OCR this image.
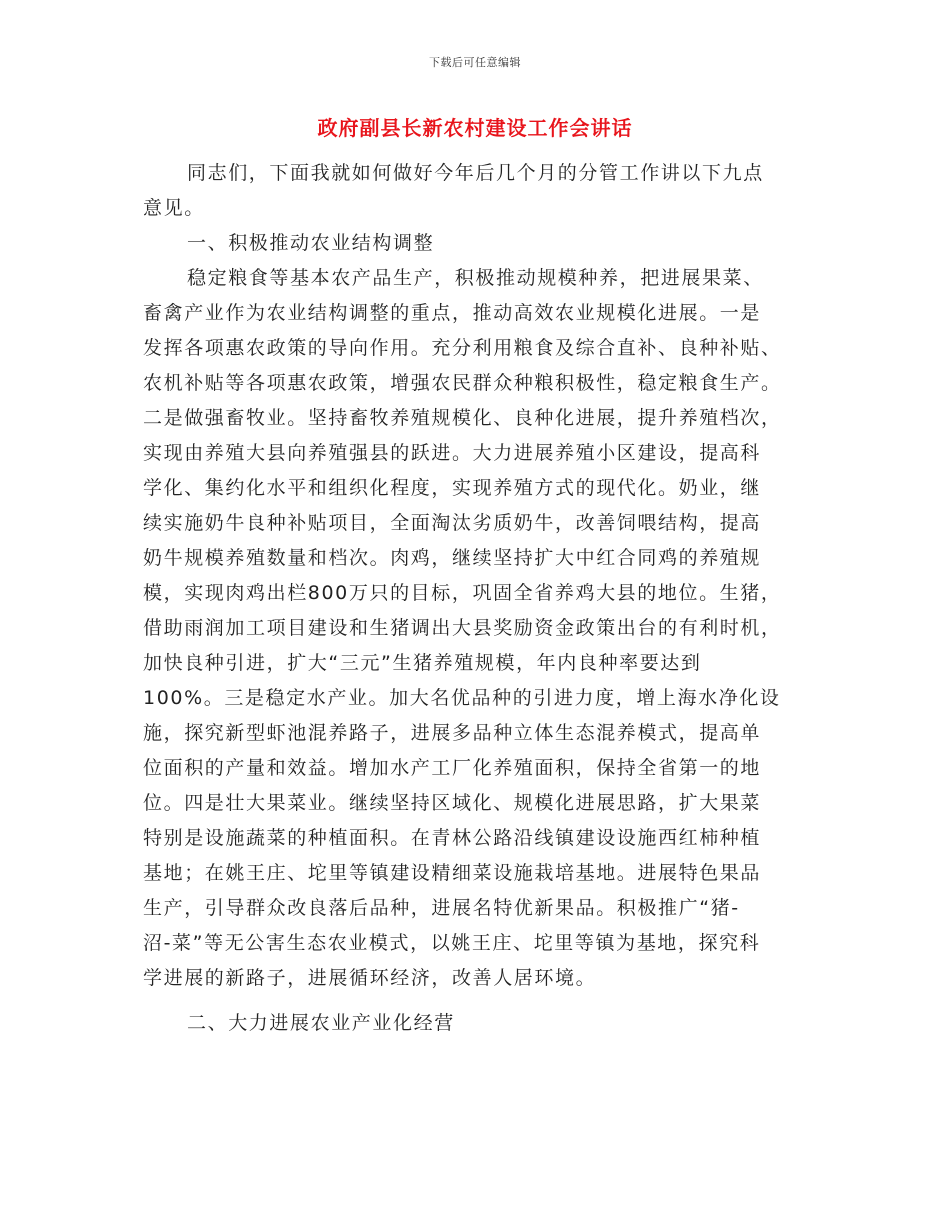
下载后可任意编辑
政府副县长新农村建设工作会讲话
同志们，下面我就如何做好今年后几个月的分管工作讲以下九点
意见。
一、积极推动农业结构调整
稳定粮食等基本农产品生产，积极推动规模种养，把进展果菜、
畜禽产业作为农业结构调整的重点，推动高效农业规模化进展。一是
发挥各项惠农政策的导向作用。充分利用粮食及综合直补、良种补贴、
农机补贴等各项惠农政策，增强农民群众种粮积极性，稳定粮食生产。
二是做强畜牧业。坚持畜牧养殖规模化、良种化进展，提升养殖档次，
实现由养殖大县向养殖强县的跃进。大力进展养殖小区建设，提高科
学化、集约化水平和组织化程度，实现养殖方式的现代化。奶业，继
续实施奶牛良种补贴项目，全面淘汰劣质奶牛，改善饲喂结构，提高
奶牛规模养殖数量和档次。肉鸡，继续坚持扩大中红合同鸡的养殖规
模，实现肉鸡出栏800万只的目标，巩固全省养鸡大县的地位。生猪，
借助雨润加工项目建设和生猪调出大县奖励资金政策出台的有利时机，
加快良种引进，扩大“三元”生猪养殖规模，年内良种率要达到
100%。三是稳定水产业。加大名优品种的引进力度，增上海水净化设
施，探究新型虾池混养路子，进展多品种立体生态混养模式，提高单
位面积的产量和效益。增加水产工厂化养殖面积，保持全省第一的地
位。四是壮大果菜业。继续坚持区域化、规模化进展思路，扩大果菜
特别是设施蔬菜的种植面积。在青林公路沿线镇建设设施西红柿种植
基地；在姚王庄、坨里等镇建设精细菜设施栽培基地。进展特色果品
生产，引导群众改良落后品种，进展名特优新果品。积极推广“猪-
沼-菜”等无公害生态农业模式，以姚王庄、坨里等镇为基地，探究科
学进展的新路子，进展循环经济，改善人居环境。
二、大力进展农业产业化经营
